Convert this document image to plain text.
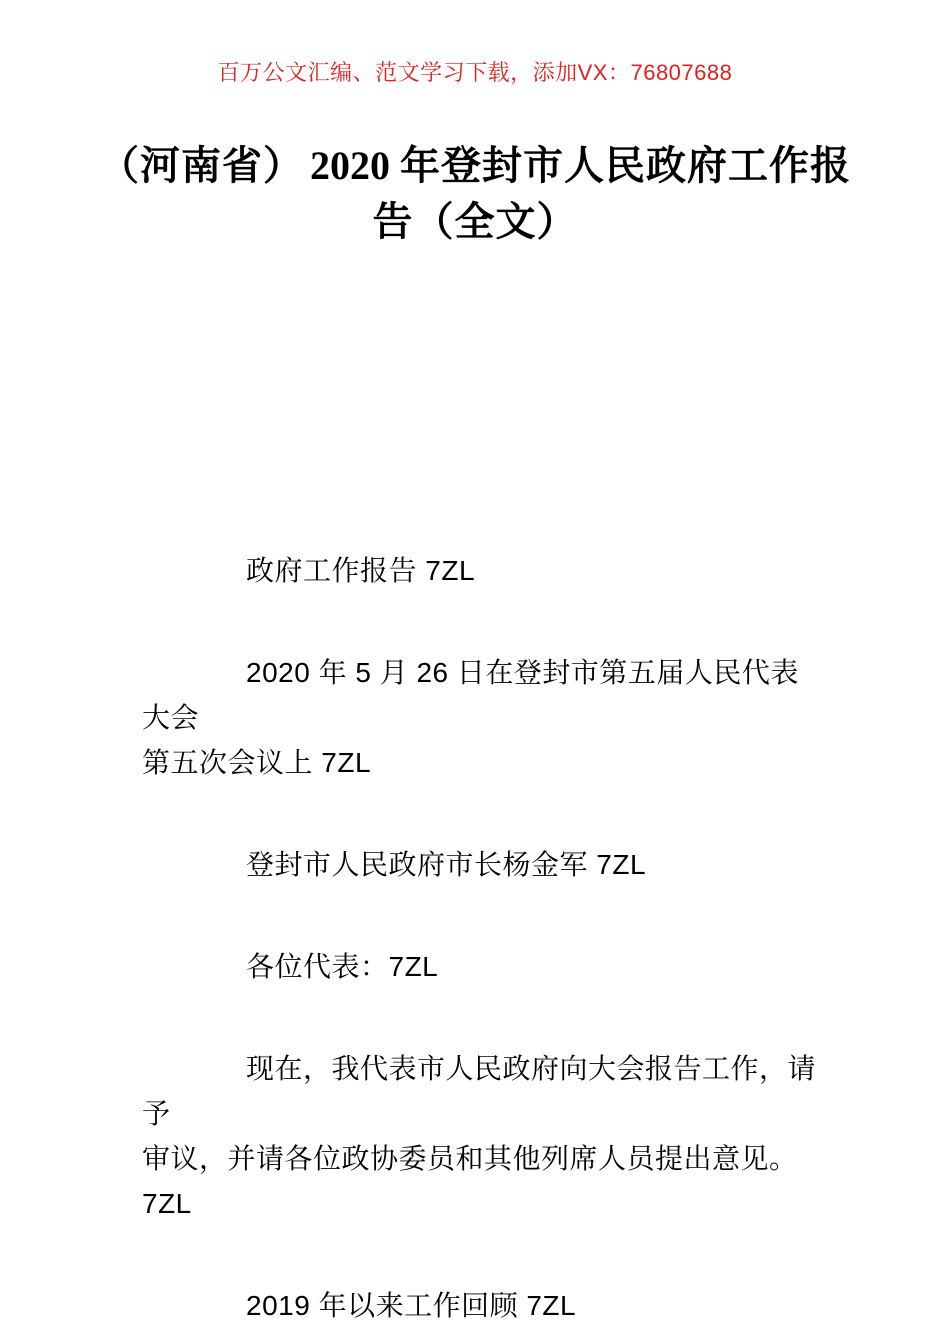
百万公文汇编、范文学习下载，添加VX：76807688
（河南省） 2020 年登封市人民政府工作报
告（全文）

政府工作报告 7ZL

2020 年 5 月 26 日在登封市第五届人民代表大会
第五次会议上 7ZL

登封市人民政府市长杨金军 7ZL

各位代表：7ZL

现在，我代表市人民政府向大会报告工作，请予
审议，并请各位政协委员和其他列席人员提出意见。7ZL

2019 年以来工作回顾 7ZL
